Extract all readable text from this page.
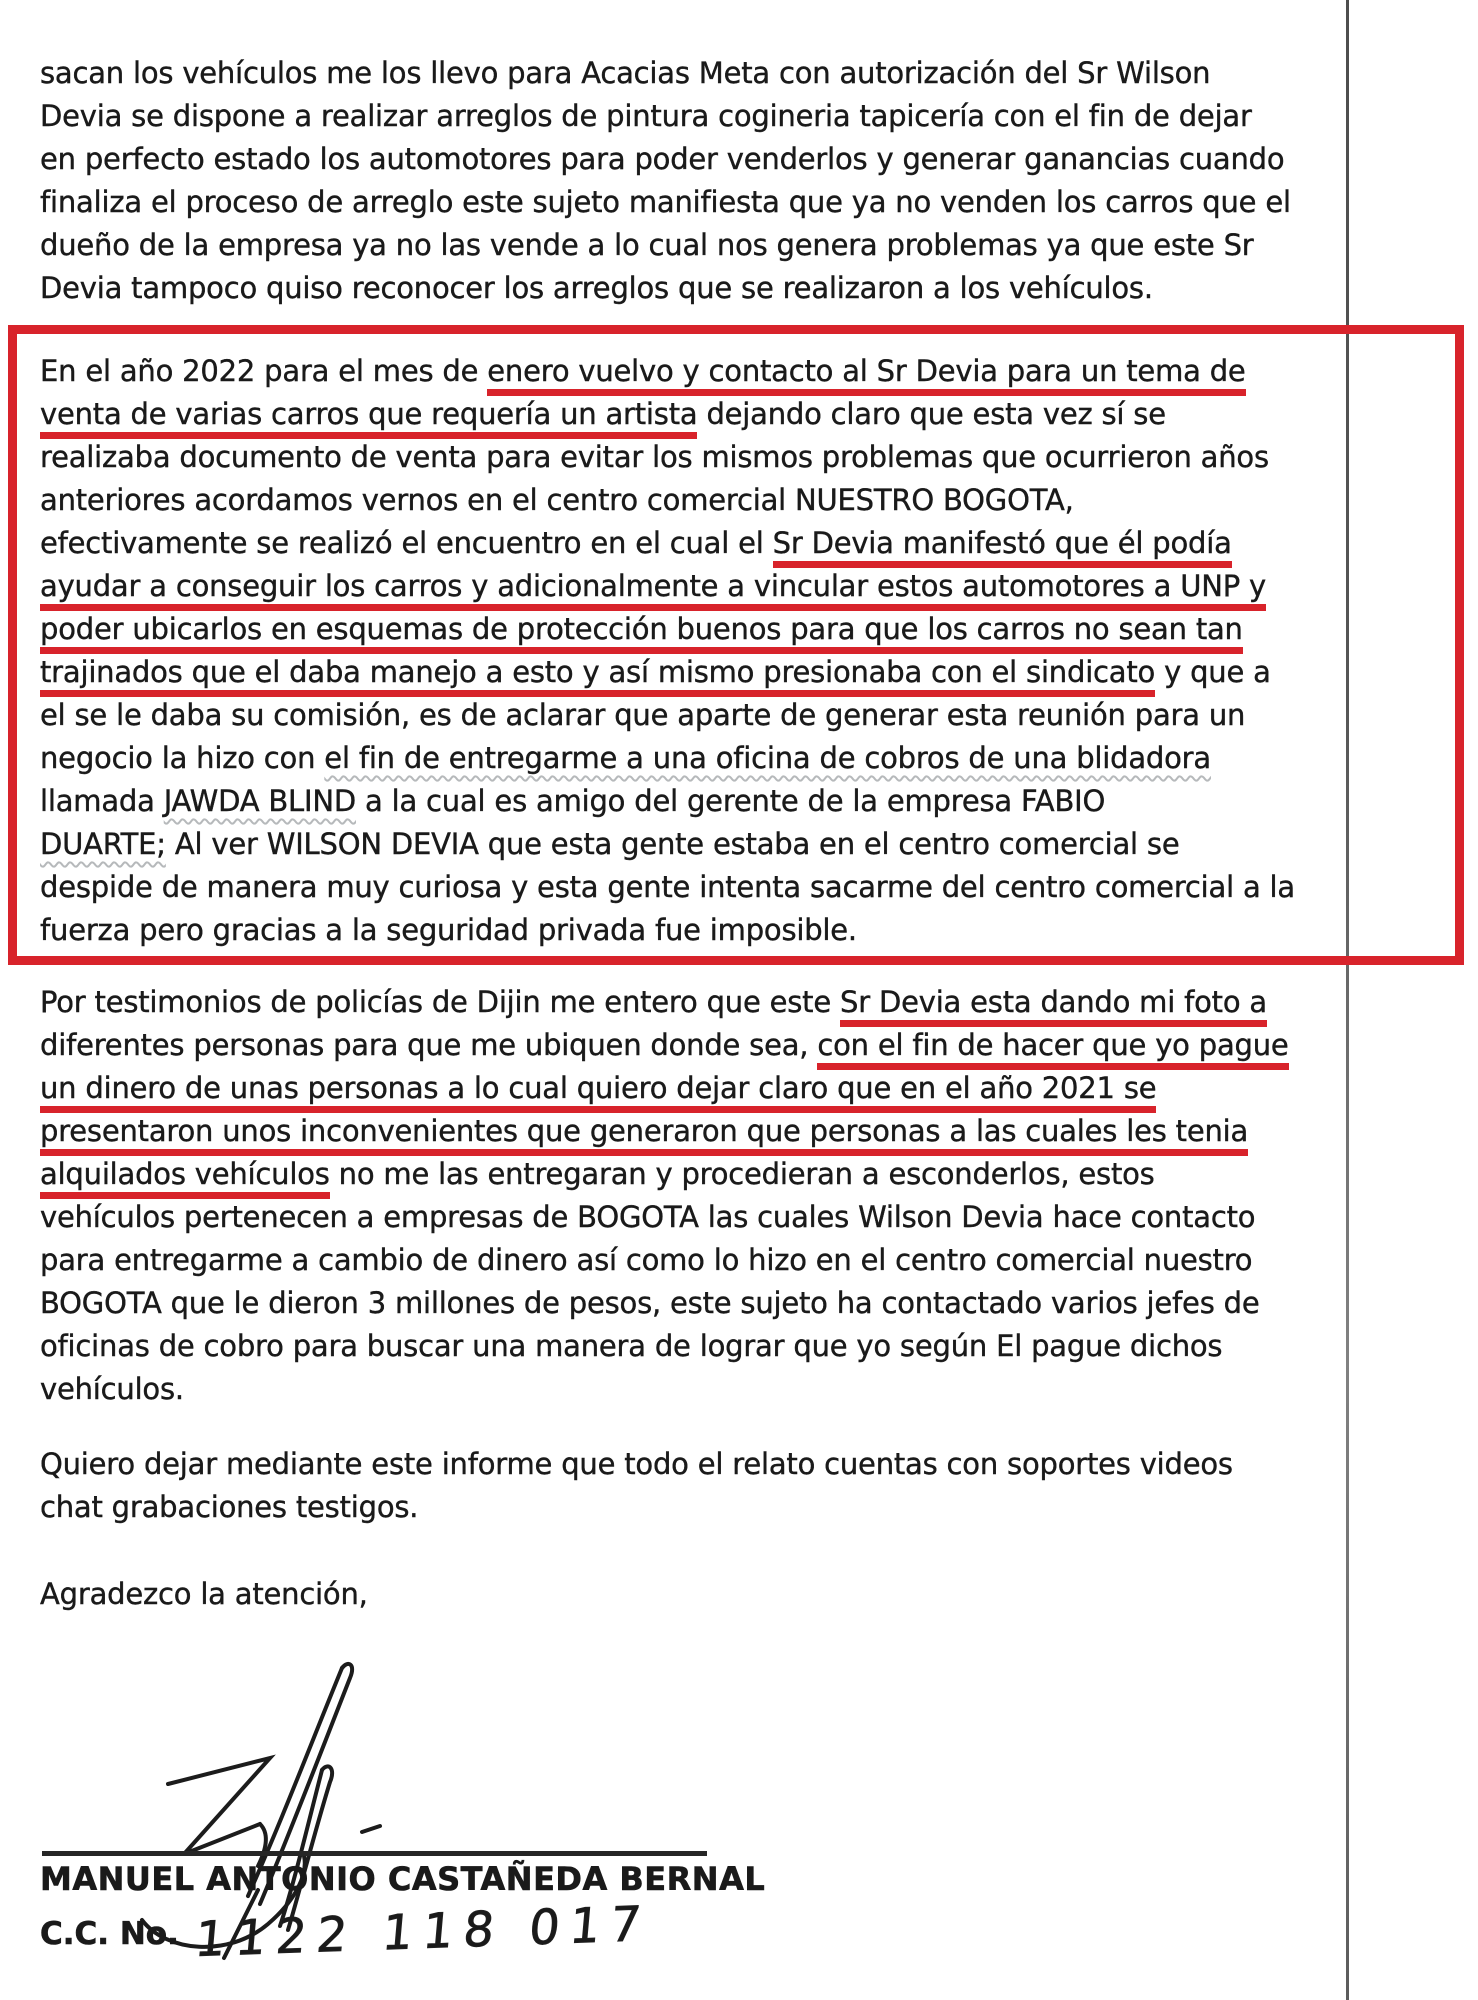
sacan los vehículos me los llevo para Acacias Meta con autorización del Sr Wilson
Devia se dispone a realizar arreglos de pintura cogineria tapicería con el fin de dejar
en perfecto estado los automotores para poder venderlos y generar ganancias cuando
finaliza el proceso de arreglo este sujeto manifiesta que ya no venden los carros que el
dueño de la empresa ya no las vende a lo cual nos genera problemas ya que este Sr
Devia tampoco quiso reconocer los arreglos que se realizaron a los vehículos.
En el año 2022 para el mes de enero vuelvo y contacto al Sr Devia para un tema de
venta de varias carros que requería un artista dejando claro que esta vez sí se
realizaba documento de venta para evitar los mismos problemas que ocurrieron años
anteriores acordamos vernos en el centro comercial NUESTRO BOGOTA,
efectivamente se realizó el encuentro en el cual el Sr Devia manifestó que él podía
ayudar a conseguir los carros y adicionalmente a vincular estos automotores a UNP y
poder ubicarlos en esquemas de protección buenos para que los carros no sean tan
trajinados que el daba manejo a esto y así mismo presionaba con el sindicato y que a
el se le daba su comisión, es de aclarar que aparte de generar esta reunión para un
negocio la hizo con el fin de entregarme a una oficina de cobros de una blidadora
llamada JAWDA BLIND a la cual es amigo del gerente de la empresa FABIO
DUARTE; Al ver WILSON DEVIA que esta gente estaba en el centro comercial se
despide de manera muy curiosa y esta gente intenta sacarme del centro comercial a la
fuerza pero gracias a la seguridad privada fue imposible.
Por testimonios de policías de Dijin me entero que este Sr Devia esta dando mi foto a
diferentes personas para que me ubiquen donde sea, con el fin de hacer que yo pague
un dinero de unas personas a lo cual quiero dejar claro que en el año 2021 se
presentaron unos inconvenientes que generaron que personas a las cuales les tenia
alquilados vehículos no me las entregaran y procedieran a esconderlos, estos
vehículos pertenecen a empresas de BOGOTA las cuales Wilson Devia hace contacto
para entregarme a cambio de dinero así como lo hizo en el centro comercial nuestro
BOGOTA que le dieron 3 millones de pesos, este sujeto ha contactado varios jefes de
oficinas de cobro para buscar una manera de lograr que yo según El pague dichos
vehículos.
Quiero dejar mediante este informe que todo el relato cuentas con soportes videos
chat grabaciones testigos.
Agradezco la atención,
MANUEL ANTONIO CASTAÑEDA BERNAL
C.C. No. 1122 118 017
